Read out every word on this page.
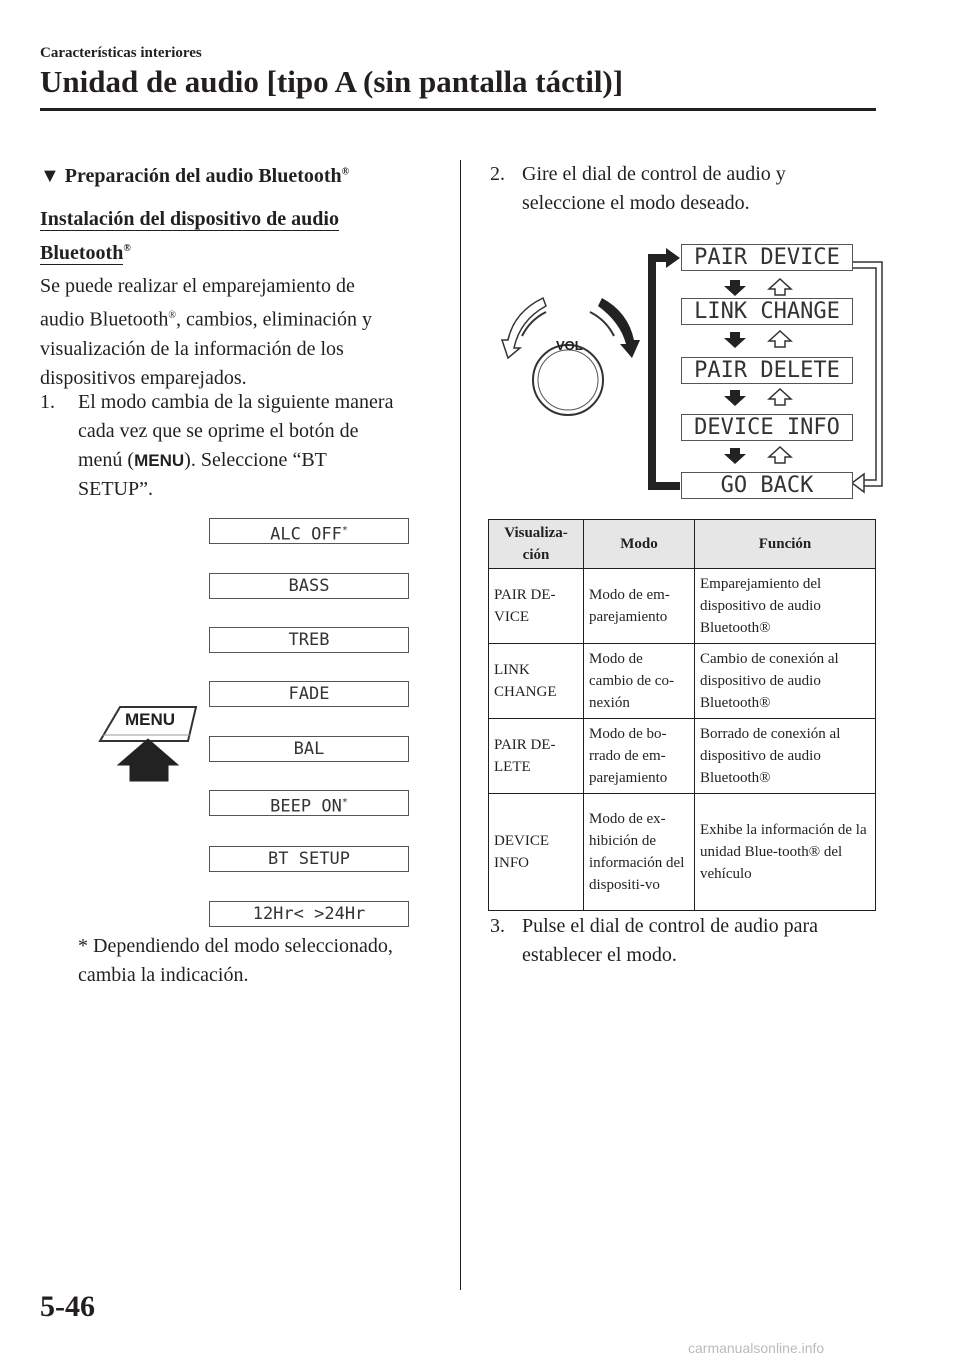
Características interiores
Unidad de audio [tipo A (sin pantalla táctil)]
▼ Preparación del audio Bluetooth®
Instalación del dispositivo de audio Bluetooth®
Se puede realizar el emparejamiento de
audio Bluetooth®, cambios, eliminación y
visualización de la información de los
dispositivos emparejados.
1. El modo cambia de la siguiente manera
cada vez que se oprime el botón de
menú (MENU). Seleccione “BT
SETUP”.
ALC OFF*
BASS
TREB
FADE
BAL
BEEP ON*
BT SETUP
12Hr< >24Hr
MENU
* Dependiendo del modo seleccionado,
cambia la indicación.
2. Gire el dial de control de audio y
seleccione el modo deseado.
VOL
PAIR DEVICE
LINK CHANGE
PAIR DELETE
DEVICE INFO
GO BACK
Visualiza-ción	Modo	Función
PAIR DE-VICE	Modo de em-parejamiento	Emparejamiento del dispositivo de audio Bluetooth®
LINK CHANGE	Modo de cambio de co-nexión	Cambio de conexión al dispositivo de audio Bluetooth®
PAIR DE-LETE	Modo de bo-rrado de em-parejamiento	Borrado de conexión al dispositivo de audio Bluetooth®
DEVICE INFO	Modo de ex-hibición de información del dispositi-vo	Exhibe la información de la unidad Blue-tooth® del vehículo
3. Pulse el dial de control de audio para
establecer el modo.
5-46
carmanualsonline.info
